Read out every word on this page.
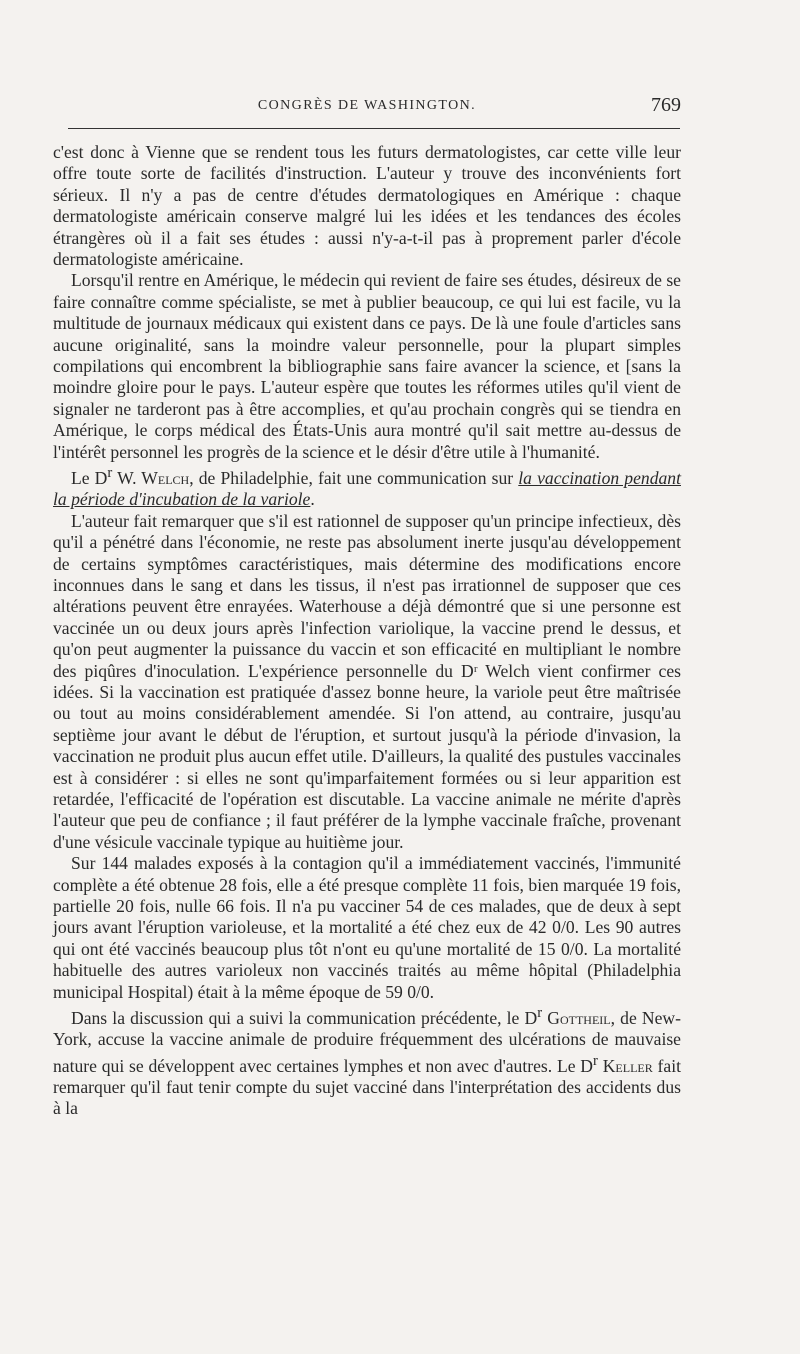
CONGRÈS DE WASHINGTON.	769

c'est donc à Vienne que se rendent tous les futurs dermatologistes, car cette ville leur offre toute sorte de facilités d'instruction. L'auteur y trouve des inconvénients fort sérieux. Il n'y a pas de centre d'études dermatologiques en Amérique : chaque dermatologiste américain conserve malgré lui les idées et les tendances des écoles étrangères où il a fait ses études : aussi n'y-a-t-il pas à proprement parler d'école dermatologiste américaine.

Lorsqu'il rentre en Amérique, le médecin qui revient de faire ses études, désireux de se faire connaître comme spécialiste, se met à publier beaucoup, ce qui lui est facile, vu la multitude de journaux médicaux qui existent dans ce pays. De là une foule d'articles sans aucune originalité, sans la moindre valeur personnelle, pour la plupart simples compilations qui encombrent la bibliographie sans faire avancer la science, et [sans la moindre gloire pour le pays. L'auteur espère que toutes les réformes utiles qu'il vient de signaler ne tarderont pas à être accomplies, et qu'au prochain congrès qui se tiendra en Amérique, le corps médical des États-Unis aura montré qu'il sait mettre au-dessus de l'intérêt personnel les progrès de la science et le désir d'être utile à l'humanité.

Le $D^r$ W. Welch, de Philadelphie, fait une communication sur la vaccination pendant la période d'incubation de la variole.

L'auteur fait remarquer que s'il est rationnel de supposer qu'un principe infectieux, dès qu'il a pénétré dans l'économie, ne reste pas absolument inerte jusqu'au développement de certains symptômes caractéristiques, mais détermine des modifications encore inconnues dans le sang et dans les tissus, il n'est pas irrationnel de supposer que ces altérations peuvent être enrayées. Waterhouse a déjà démontré que si une personne est vaccinée un ou deux jours après l'infection variolique, la vaccine prend le dessus, et qu'on peut augmenter la puissance du vaccin et son efficacité en multipliant le nombre des piqûres d'inoculation. L'expérience personnelle du Dʳ Welch vient confirmer ces idées. Si la vaccination est pratiquée d'assez bonne heure, la variole peut être maîtrisée ou tout au moins considérablement amendée. Si l'on attend, au contraire, jusqu'au septième jour avant le début de l'éruption, et surtout jusqu'à la période d'invasion, la vaccination ne produit plus aucun effet utile. D'ailleurs, la qualité des pustules vaccinales est à considérer : si elles ne sont qu'imparfaitement formées ou si leur apparition est retardée, l'efficacité de l'opération est discutable. La vaccine animale ne mérite d'après l'auteur que peu de confiance ; il faut préférer de la lymphe vaccinale fraîche, provenant d'une vésicule vaccinale typique au huitième jour.

Sur 144 malades exposés à la contagion qu'il a immédiatement vaccinés, l'immunité complète a été obtenue 28 fois, elle a été presque complète 11 fois, bien marquée 19 fois, partielle 20 fois, nulle 66 fois. Il n'a pu vacciner 54 de ces malades, que de deux à sept jours avant l'éruption varioleuse, et la mortalité a été chez eux de 42 0/0. Les 90 autres qui ont été vaccinés beaucoup plus tôt n'ont eu qu'une mortalité de 15 0/0. La mortalité habituelle des autres varioleux non vaccinés traités au même hôpital (Philadelphia municipal Hospital) était à la même époque de 59 0/0.

Dans la discussion qui a suivi la communication précédente, le $D^r$ Gottheil, de New-York, accuse la vaccine animale de produire fréquemment des ulcérations de mauvaise nature qui se développent avec certaines lymphes et non avec d'autres. Le $D^r$ Keller fait remarquer qu'il faut tenir compte du sujet vacciné dans l'interprétation des accidents dus à la
